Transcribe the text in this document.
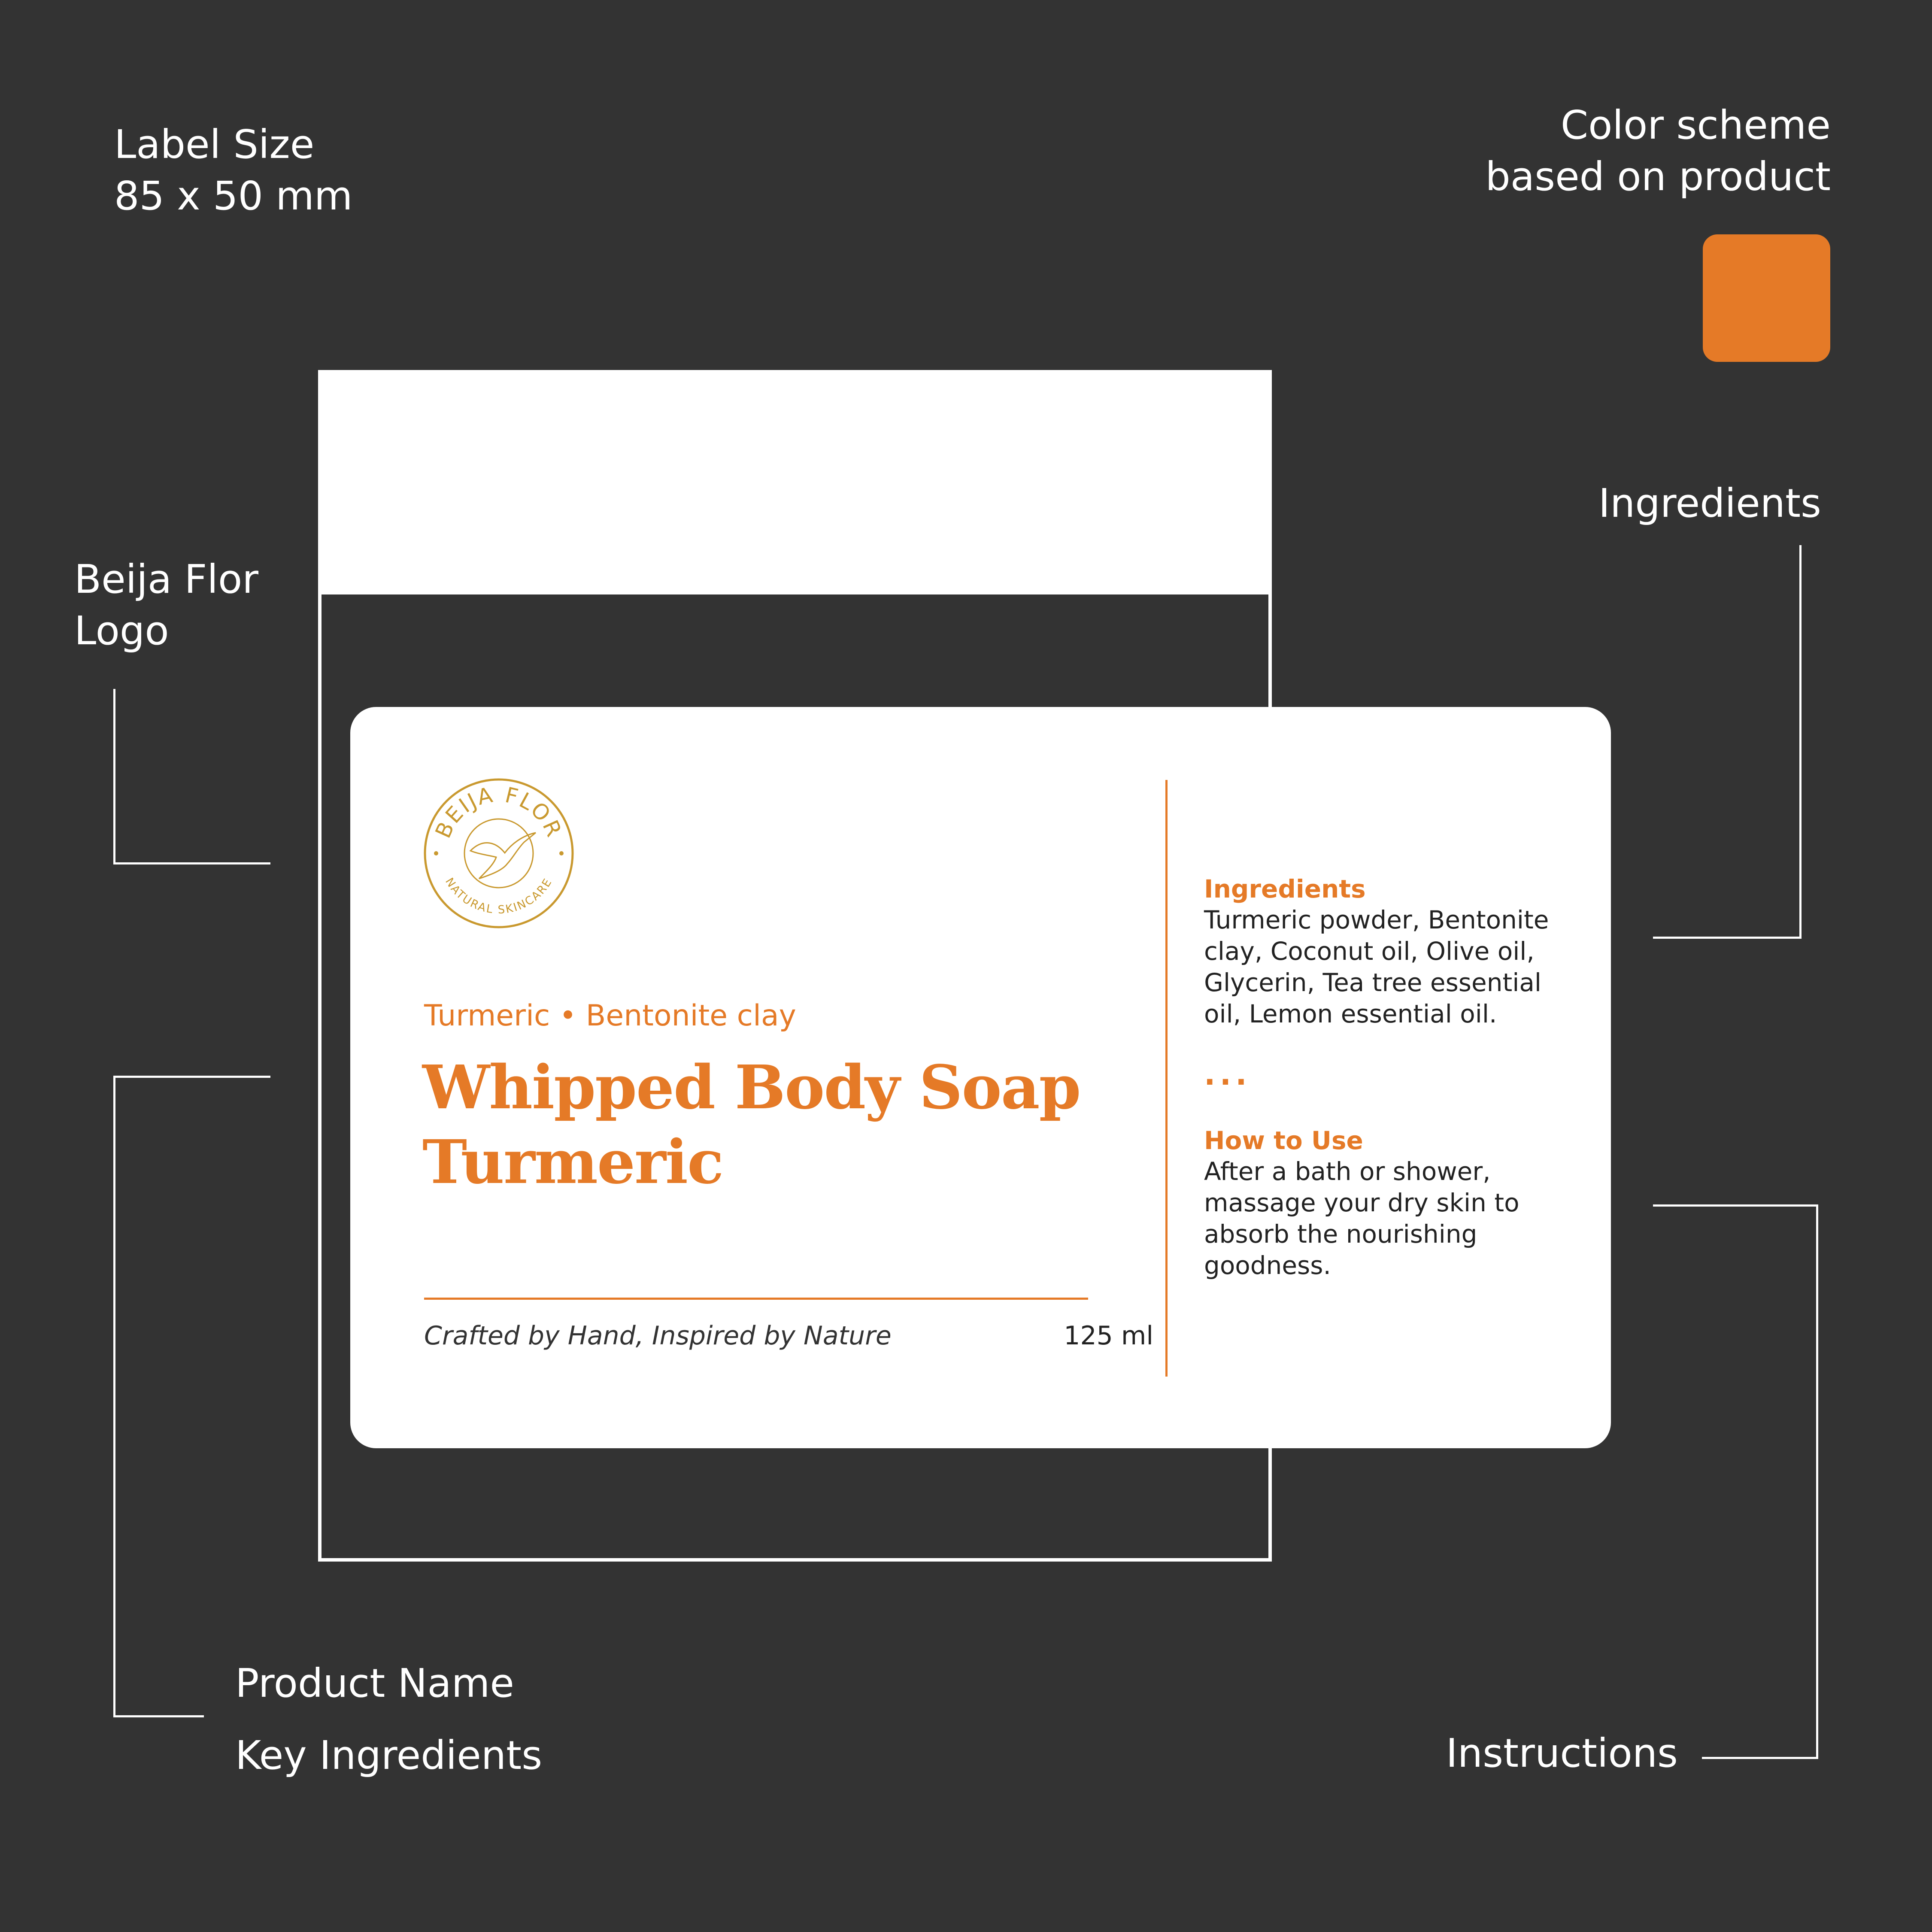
Label Size
85 x 50 mm
Color scheme
based on product
Beija Flor
Logo
Ingredients
Product Name
Key Ingredients	Instructions
BEIJA FLOR
NATURAL SKINCARE
Turmeric • Bentonite clay
Whipped Body Soap
Turmeric
Crafted by Hand, Inspired by Nature	125 ml
Ingredients
Turmeric powder, Bentonite
clay, Coconut oil, Olive oil,
Glycerin, Tea tree essential
oil, Lemon essential oil.
...
How to Use
After a bath or shower,
massage your dry skin to
absorb the nourishing
goodness.
